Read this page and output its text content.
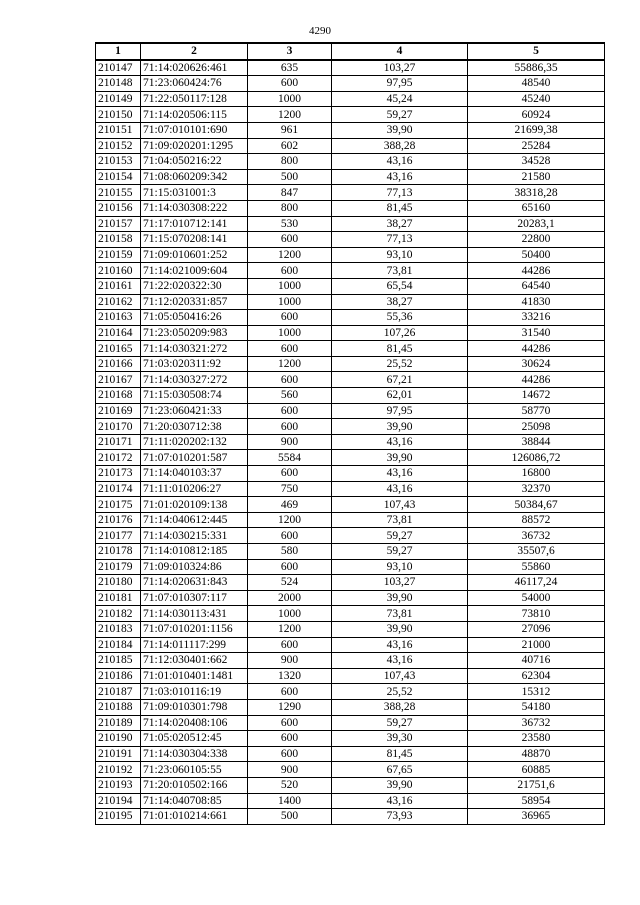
4290
1	2	3	4	5
210147	71:14:020626:461	635	103,27	55886,35
210148	71:23:060424:76	600	97,95	48540
210149	71:22:050117:128	1000	45,24	45240
210150	71:14:020506:115	1200	59,27	60924
210151	71:07:010101:690	961	39,90	21699,38
210152	71:09:020201:1295	602	388,28	25284
210153	71:04:050216:22	800	43,16	34528
210154	71:08:060209:342	500	43,16	21580
210155	71:15:031001:3	847	77,13	38318,28
210156	71:14:030308:222	800	81,45	65160
210157	71:17:010712:141	530	38,27	20283,1
210158	71:15:070208:141	600	77,13	22800
210159	71:09:010601:252	1200	93,10	50400
210160	71:14:021009:604	600	73,81	44286
210161	71:22:020322:30	1000	65,54	64540
210162	71:12:020331:857	1000	38,27	41830
210163	71:05:050416:26	600	55,36	33216
210164	71:23:050209:983	1000	107,26	31540
210165	71:14:030321:272	600	81,45	44286
210166	71:03:020311:92	1200	25,52	30624
210167	71:14:030327:272	600	67,21	44286
210168	71:15:030508:74	560	62,01	14672
210169	71:23:060421:33	600	97,95	58770
210170	71:20:030712:38	600	39,90	25098
210171	71:11:020202:132	900	43,16	38844
210172	71:07:010201:587	5584	39,90	126086,72
210173	71:14:040103:37	600	43,16	16800
210174	71:11:010206:27	750	43,16	32370
210175	71:01:020109:138	469	107,43	50384,67
210176	71:14:040612:445	1200	73,81	88572
210177	71:14:030215:331	600	59,27	36732
210178	71:14:010812:185	580	59,27	35507,6
210179	71:09:010324:86	600	93,10	55860
210180	71:14:020631:843	524	103,27	46117,24
210181	71:07:010307:117	2000	39,90	54000
210182	71:14:030113:431	1000	73,81	73810
210183	71:07:010201:1156	1200	39,90	27096
210184	71:14:011117:299	600	43,16	21000
210185	71:12:030401:662	900	43,16	40716
210186	71:01:010401:1481	1320	107,43	62304
210187	71:03:010116:19	600	25,52	15312
210188	71:09:010301:798	1290	388,28	54180
210189	71:14:020408:106	600	59,27	36732
210190	71:05:020512:45	600	39,30	23580
210191	71:14:030304:338	600	81,45	48870
210192	71:23:060105:55	900	67,65	60885
210193	71:20:010502:166	520	39,90	21751,6
210194	71:14:040708:85	1400	43,16	58954
210195	71:01:010214:661	500	73,93	36965
